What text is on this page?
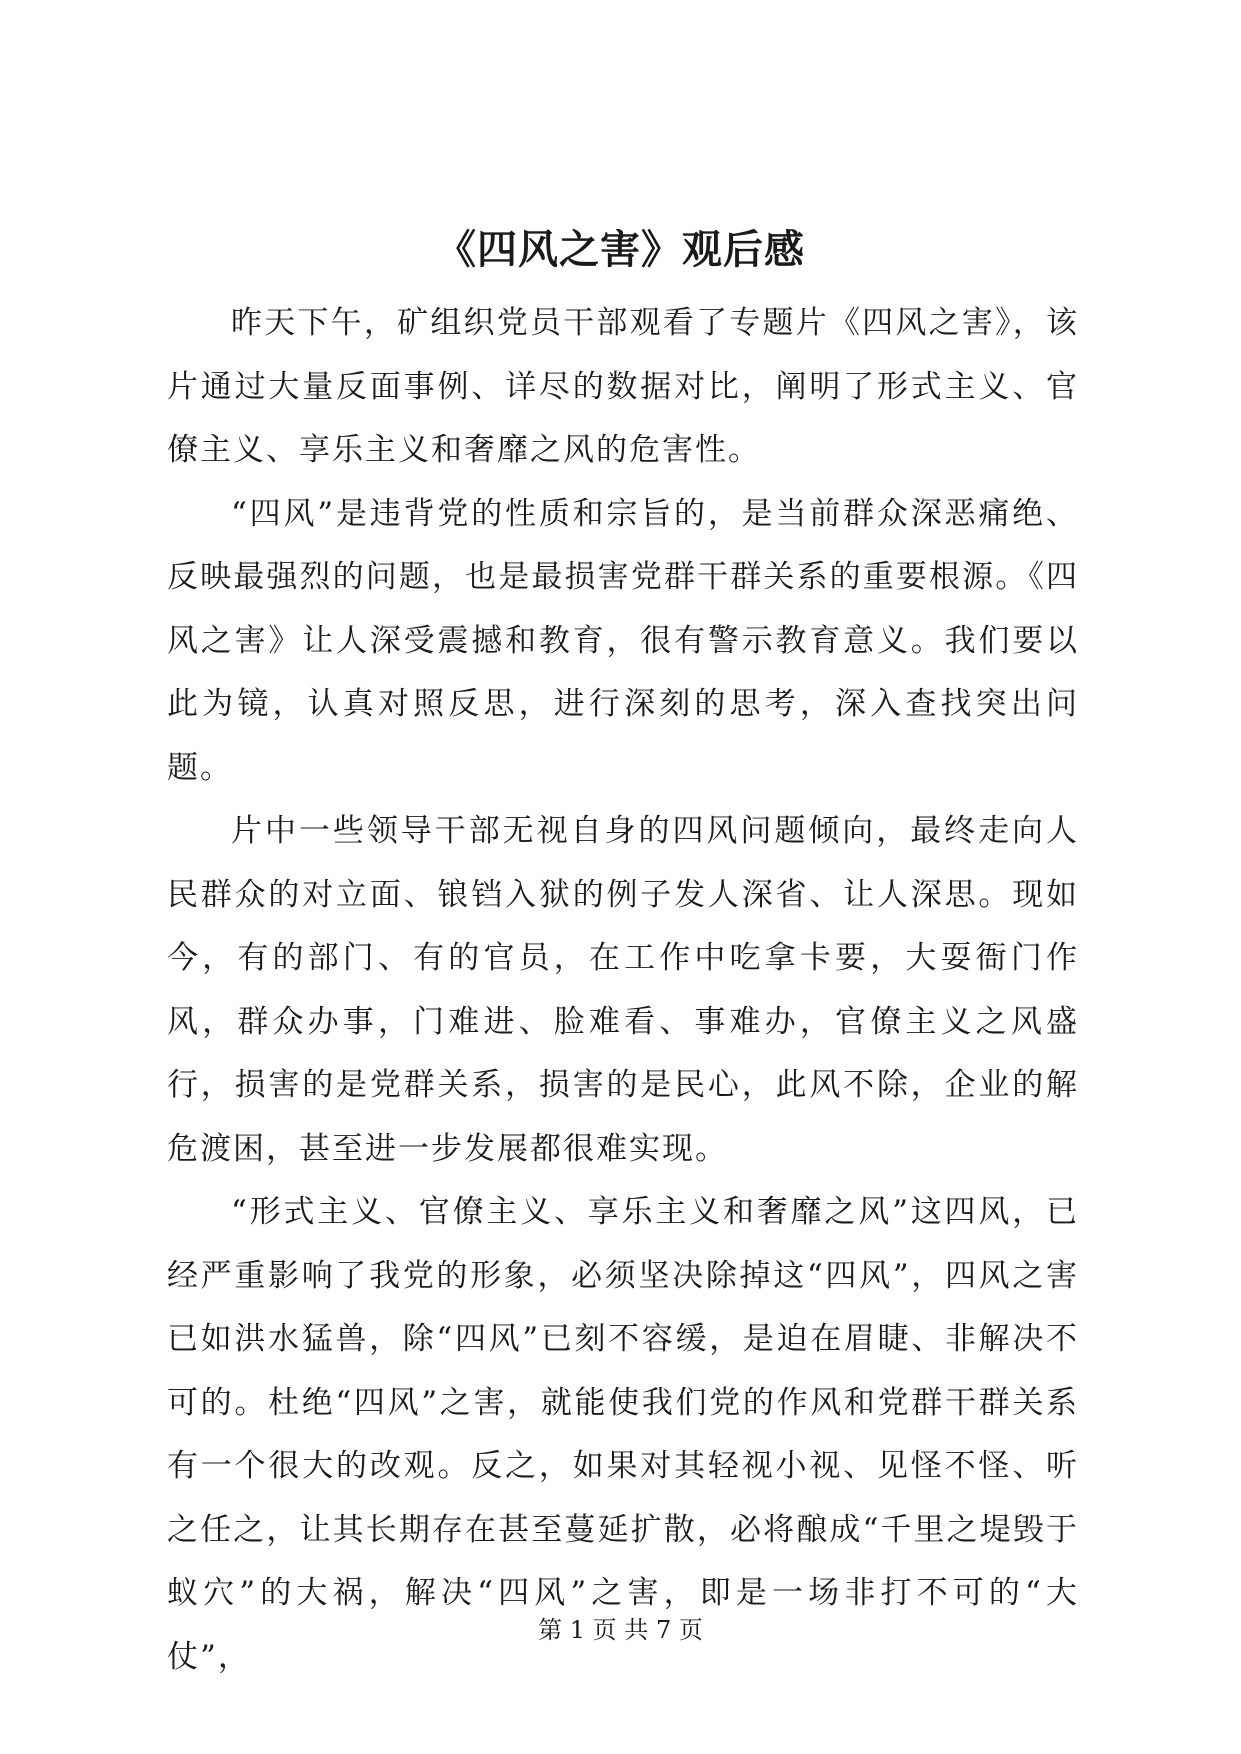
《四风之害》观后感

昨天下午，矿组织党员干部观看了专题片《四风之害》，该片通过大量反面事例、详尽的数据对比，阐明了形式主义、官僚主义、享乐主义和奢靡之风的危害性。

“四风”是违背党的性质和宗旨的，是当前群众深恶痛绝、反映最强烈的问题，也是最损害党群干群关系的重要根源。《四风之害》让人深受震撼和教育，很有警示教育意义。我们要以此为镜，认真对照反思，进行深刻的思考，深入查找突出问题。

片中一些领导干部无视自身的四风问题倾向，最终走向人民群众的对立面、锒铛入狱的例子发人深省、让人深思。现如今，有的部门、有的官员，在工作中吃拿卡要，大耍衙门作风，群众办事，门难进、脸难看、事难办，官僚主义之风盛行，损害的是党群关系，损害的是民心，此风不除，企业的解危渡困，甚至进一步发展都很难实现。

“形式主义、官僚主义、享乐主义和奢靡之风”这四风，已经严重影响了我党的形象，必须坚决除掉这“四风”，四风之害已如洪水猛兽，除“四风”已刻不容缓，是迫在眉睫、非解决不可的。杜绝“四风”之害，就能使我们党的作风和党群干群关系有一个很大的改观。反之，如果对其轻视小视、见怪不怪、听之任之，让其长期存在甚至蔓延扩散，必将酿成“千里之堤毁于蚁穴”的大祸，解决“四风”之害，即是一场非打不可的“大仗”，

第 1 页 共 7 页
